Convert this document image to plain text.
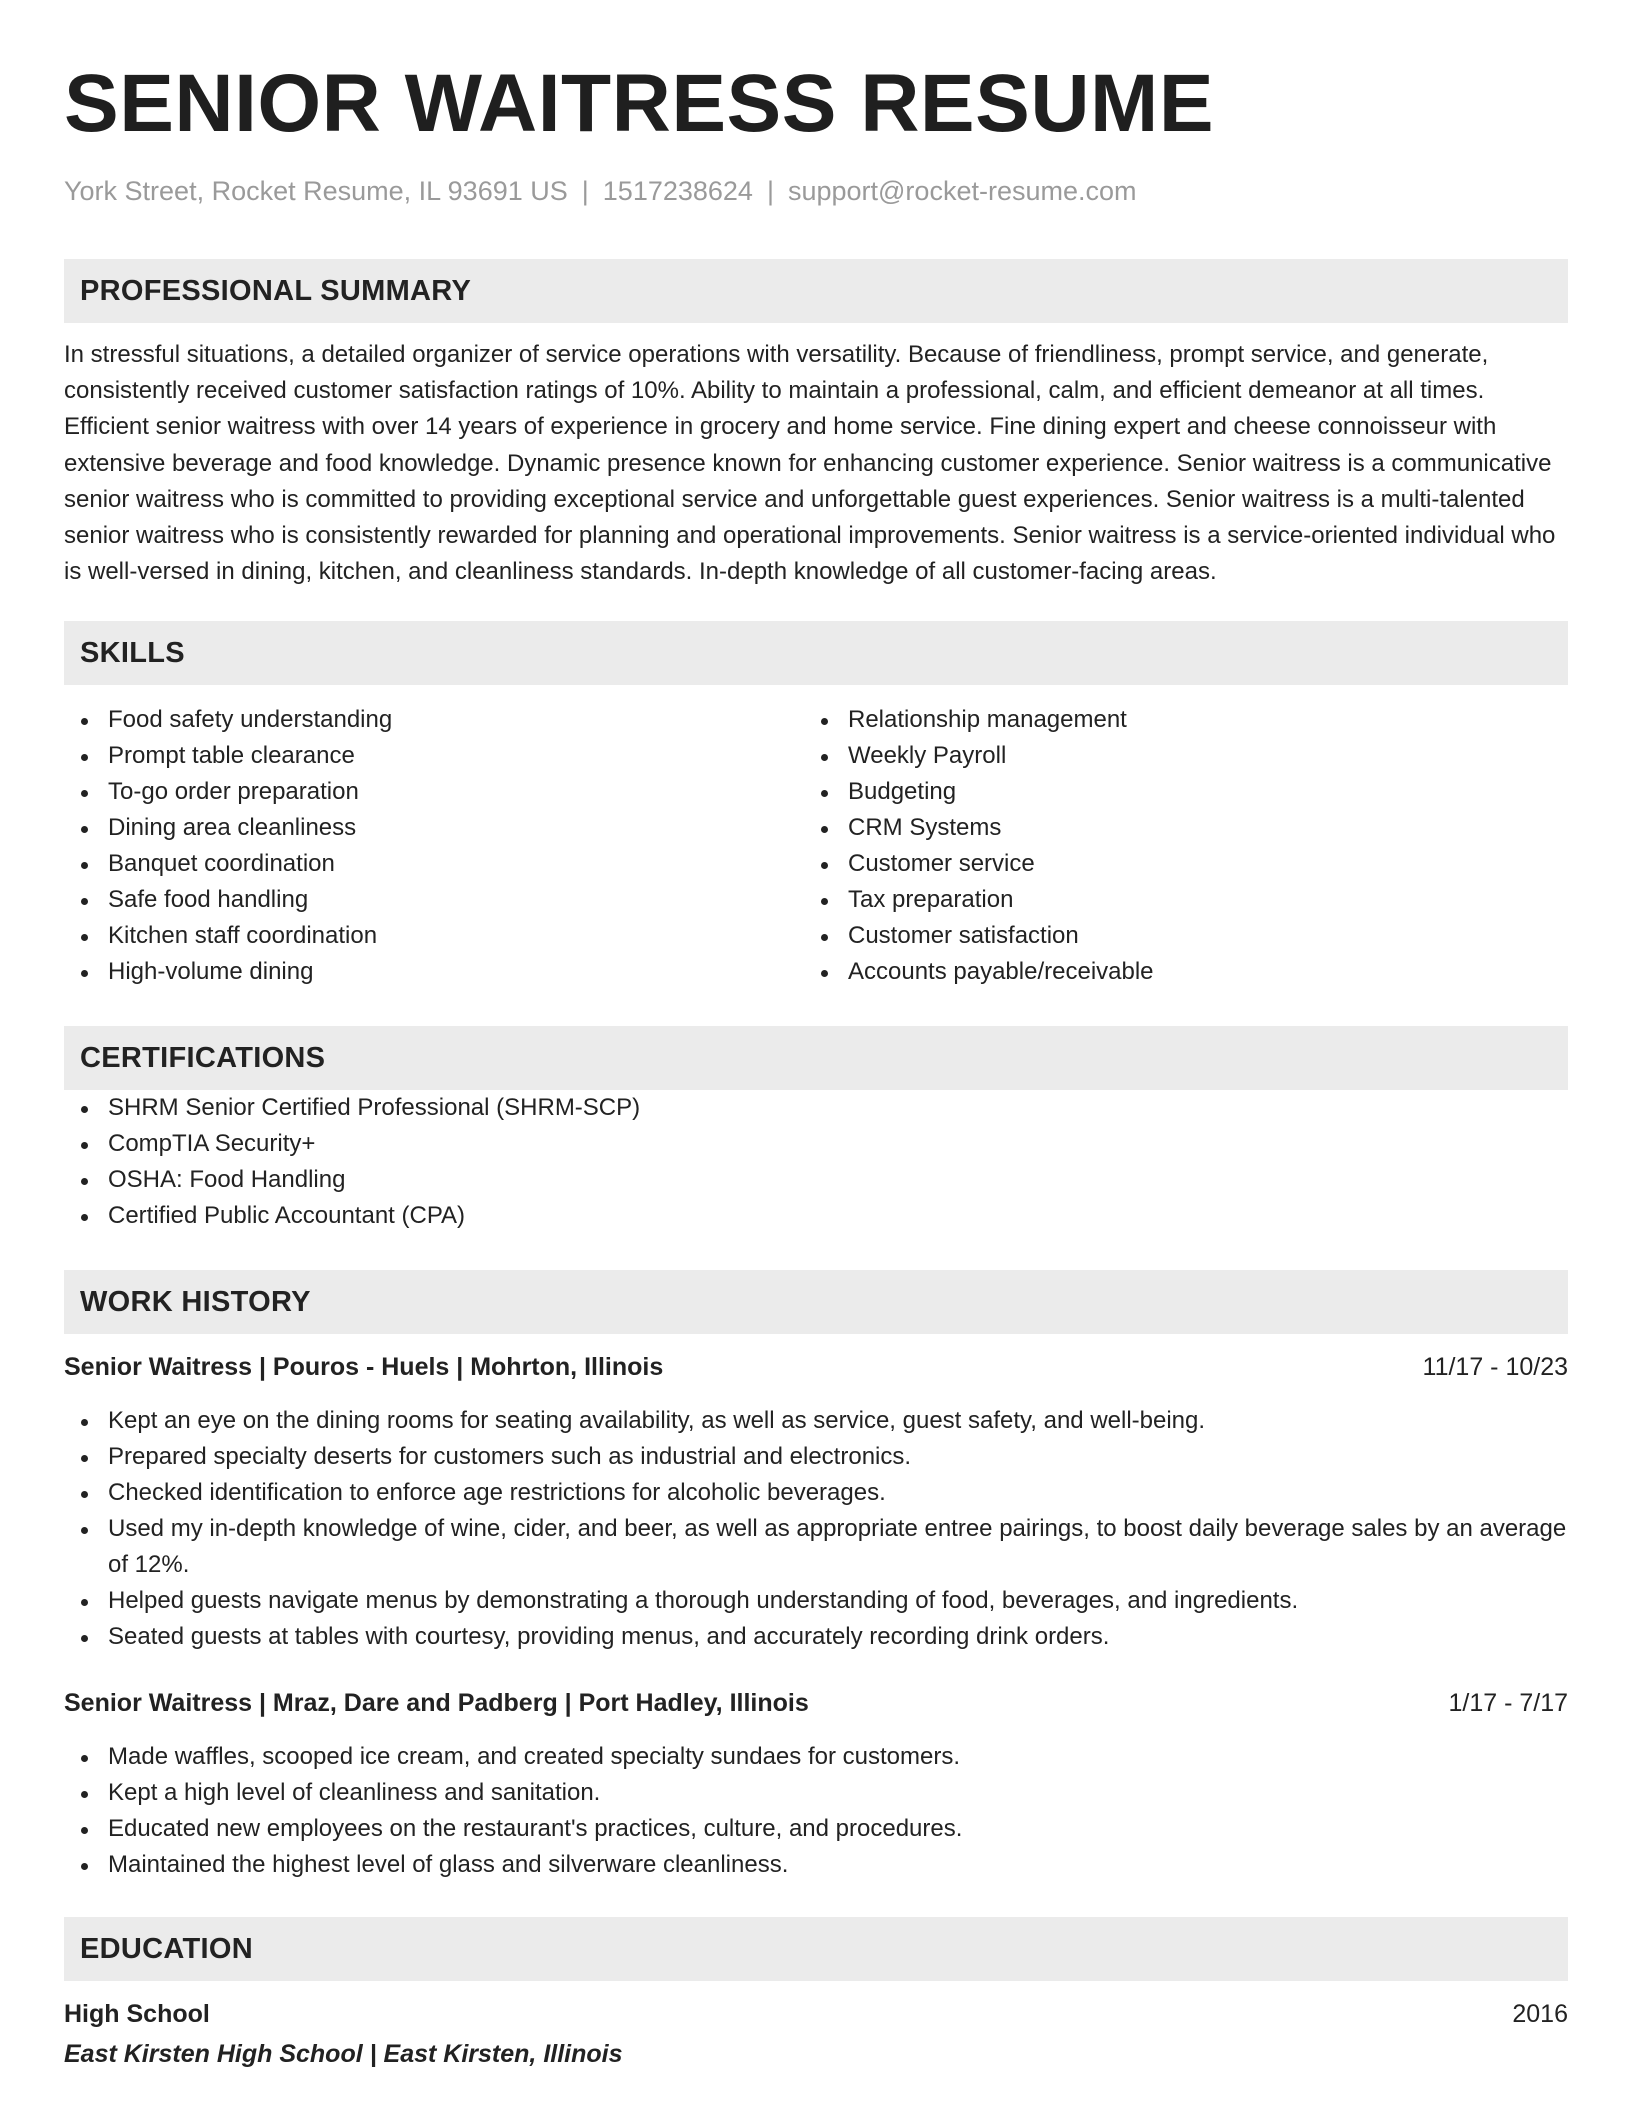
SENIOR WAITRESS RESUME
York Street, Rocket Resume, IL 93691 US | 1517238624 | support@rocket-resume.com
PROFESSIONAL SUMMARY
In stressful situations, a detailed organizer of service operations with versatility. Because of friendliness, prompt service, and generate, consistently received customer satisfaction ratings of 10%. Ability to maintain a professional, calm, and efficient demeanor at all times. Efficient senior waitress with over 14 years of experience in grocery and home service. Fine dining expert and cheese connoisseur with extensive beverage and food knowledge. Dynamic presence known for enhancing customer experience. Senior waitress is a communicative senior waitress who is committed to providing exceptional service and unforgettable guest experiences. Senior waitress is a multi-talented senior waitress who is consistently rewarded for planning and operational improvements. Senior waitress is a service-oriented individual who is well-versed in dining, kitchen, and cleanliness standards. In-depth knowledge of all customer-facing areas.
SKILLS
Food safety understanding
Prompt table clearance
To-go order preparation
Dining area cleanliness
Banquet coordination
Safe food handling
Kitchen staff coordination
High-volume dining
Relationship management
Weekly Payroll
Budgeting
CRM Systems
Customer service
Tax preparation
Customer satisfaction
Accounts payable/receivable
CERTIFICATIONS
SHRM Senior Certified Professional (SHRM-SCP)
CompTIA Security+
OSHA: Food Handling
Certified Public Accountant (CPA)
WORK HISTORY
Senior Waitress | Pouros - Huels | Mohrton, Illinois	11/17 - 10/23
Kept an eye on the dining rooms for seating availability, as well as service, guest safety, and well-being.
Prepared specialty deserts for customers such as industrial and electronics.
Checked identification to enforce age restrictions for alcoholic beverages.
Used my in-depth knowledge of wine, cider, and beer, as well as appropriate entree pairings, to boost daily beverage sales by an average of 12%.
Helped guests navigate menus by demonstrating a thorough understanding of food, beverages, and ingredients.
Seated guests at tables with courtesy, providing menus, and accurately recording drink orders.
Senior Waitress | Mraz, Dare and Padberg | Port Hadley, Illinois	1/17 - 7/17
Made waffles, scooped ice cream, and created specialty sundaes for customers.
Kept a high level of cleanliness and sanitation.
Educated new employees on the restaurant's practices, culture, and procedures.
Maintained the highest level of glass and silverware cleanliness.
EDUCATION
High School	2016
East Kirsten High School | East Kirsten, Illinois
